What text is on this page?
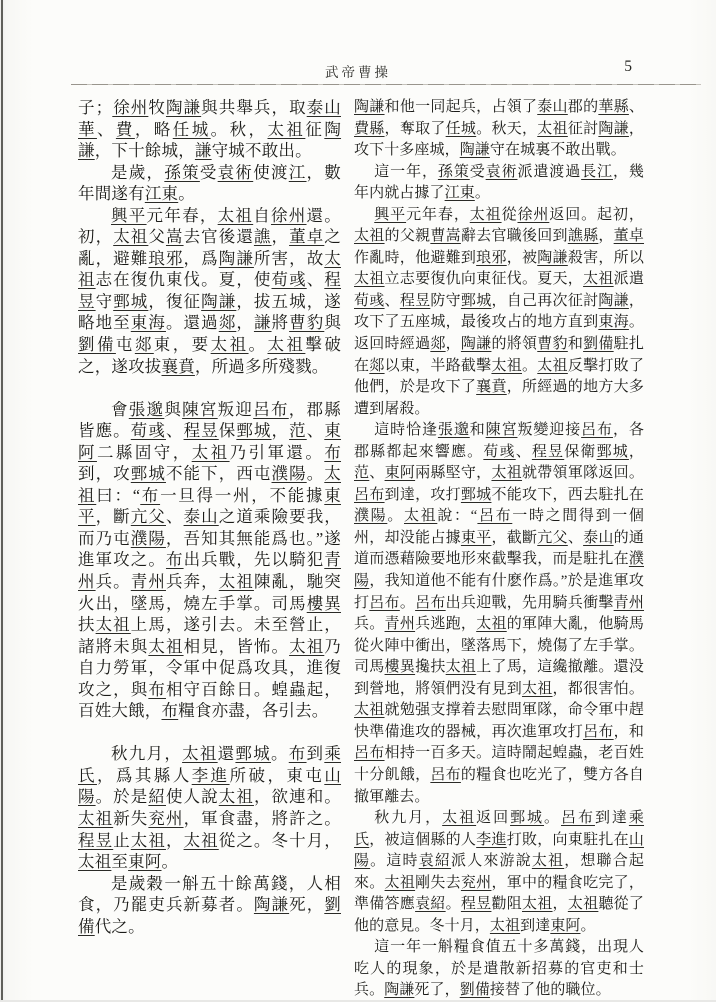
武帝曹操	5

子；徐州牧陶謙與共舉兵，取泰山華、費，略任城。秋，太祖征陶謙，下十餘城，謙守城不敢出。

是歲，孫策受袁術使渡江，數年間遂有江東。

興平元年春，太祖自徐州還。初，太祖父嵩去官後還譙，董卓之亂，避難琅邪，爲陶謙所害，故太祖志在復仇東伐。夏，使荀彧、程昱守鄄城，復征陶謙，拔五城，遂略地至東海。還過郯，謙將曹豹與劉備屯郯東，要太祖。太祖擊破之，遂攻拔襄賁，所過多所殘戮。

會張邈與陳宮叛迎呂布，郡縣皆應。荀彧、程昱保鄄城，范、東阿二縣固守，太祖乃引軍還。布到，攻鄄城不能下，西屯濮陽。太祖曰：“布一旦得一州，不能據東平，斷亢父、泰山之道乘險要我，而乃屯濮陽，吾知其無能爲也。”遂進軍攻之。布出兵戰，先以騎犯青州兵。青州兵奔，太祖陳亂，馳突火出，墜馬，燒左手掌。司馬樓異扶太祖上馬，遂引去。未至營止，諸將未與太祖相見，皆怖。太祖乃自力勞軍，令軍中促爲攻具，進復攻之，與布相守百餘日。蝗蟲起，百姓大餓，布糧食亦盡，各引去。

秋九月，太祖還鄄城。布到乘氏，爲其縣人李進所破，東屯山陽。於是紹使人說太祖，欲連和。太祖新失兖州，軍食盡，將許之。程昱止太祖，太祖從之。冬十月，太祖至東阿。

是歲穀一斛五十餘萬錢，人相食，乃罷吏兵新募者。陶謙死，劉備代之。

陶謙和他一同起兵，占領了泰山郡的華縣、費縣，奪取了任城。秋天，太祖征討陶謙，攻下十多座城，陶謙守在城裏不敢出戰。

這一年，孫策受袁術派遣渡過長江，幾年内就占據了江東。

興平元年春，太祖從徐州返回。起初，太祖的父親曹嵩辭去官職後回到譙縣，董卓作亂時，他避難到琅邪，被陶謙殺害，所以太祖立志要復仇向東征伐。夏天，太祖派遣荀彧、程昱防守鄄城，自己再次征討陶謙，攻下了五座城，最後攻占的地方直到東海。返回時經過郯，陶謙的將領曹豹和劉備駐扎在郯以東，半路截擊太祖。太祖反擊打敗了他們，於是攻下了襄賁，所經過的地方大多遭到屠殺。

這時恰逢張邈和陳宮叛變迎接呂布，各郡縣都起來響應。荀彧、程昱保衛鄄城，范、東阿兩縣堅守，太祖就帶領軍隊返回。呂布到達，攻打鄄城不能攻下，西去駐扎在濮陽。太祖說：“呂布一時之間得到一個州，却没能占據東平，截斷亢父、泰山的通道而憑藉險要地形來截擊我，而是駐扎在濮陽，我知道他不能有什麽作爲。”於是進軍攻打呂布。呂布出兵迎戰，先用騎兵衝擊青州兵。青州兵逃跑，太祖的軍陣大亂，他騎馬從火陣中衝出，墜落馬下，燒傷了左手掌。司馬樓異攙扶太祖上了馬，這纔撤離。還没到營地，將領們没有見到太祖，都很害怕。太祖就勉强支撑着去慰問軍隊，命令軍中趕快準備進攻的器械，再次進軍攻打呂布，和呂布相持一百多天。這時鬧起蝗蟲，老百姓十分飢餓，呂布的糧食也吃光了，雙方各自撤軍離去。

秋九月，太祖返回鄄城。呂布到達乘氏，被這個縣的人李進打敗，向東駐扎在山陽。這時袁紹派人來游說太祖，想聯合起來。太祖剛失去兖州，軍中的糧食吃完了，準備答應袁紹。程昱勸阻太祖，太祖聽從了他的意見。冬十月，太祖到達東阿。

這一年一斛糧食值五十多萬錢，出現人吃人的現象，於是遣散新招募的官吏和士兵。陶謙死了，劉備接替了他的職位。
